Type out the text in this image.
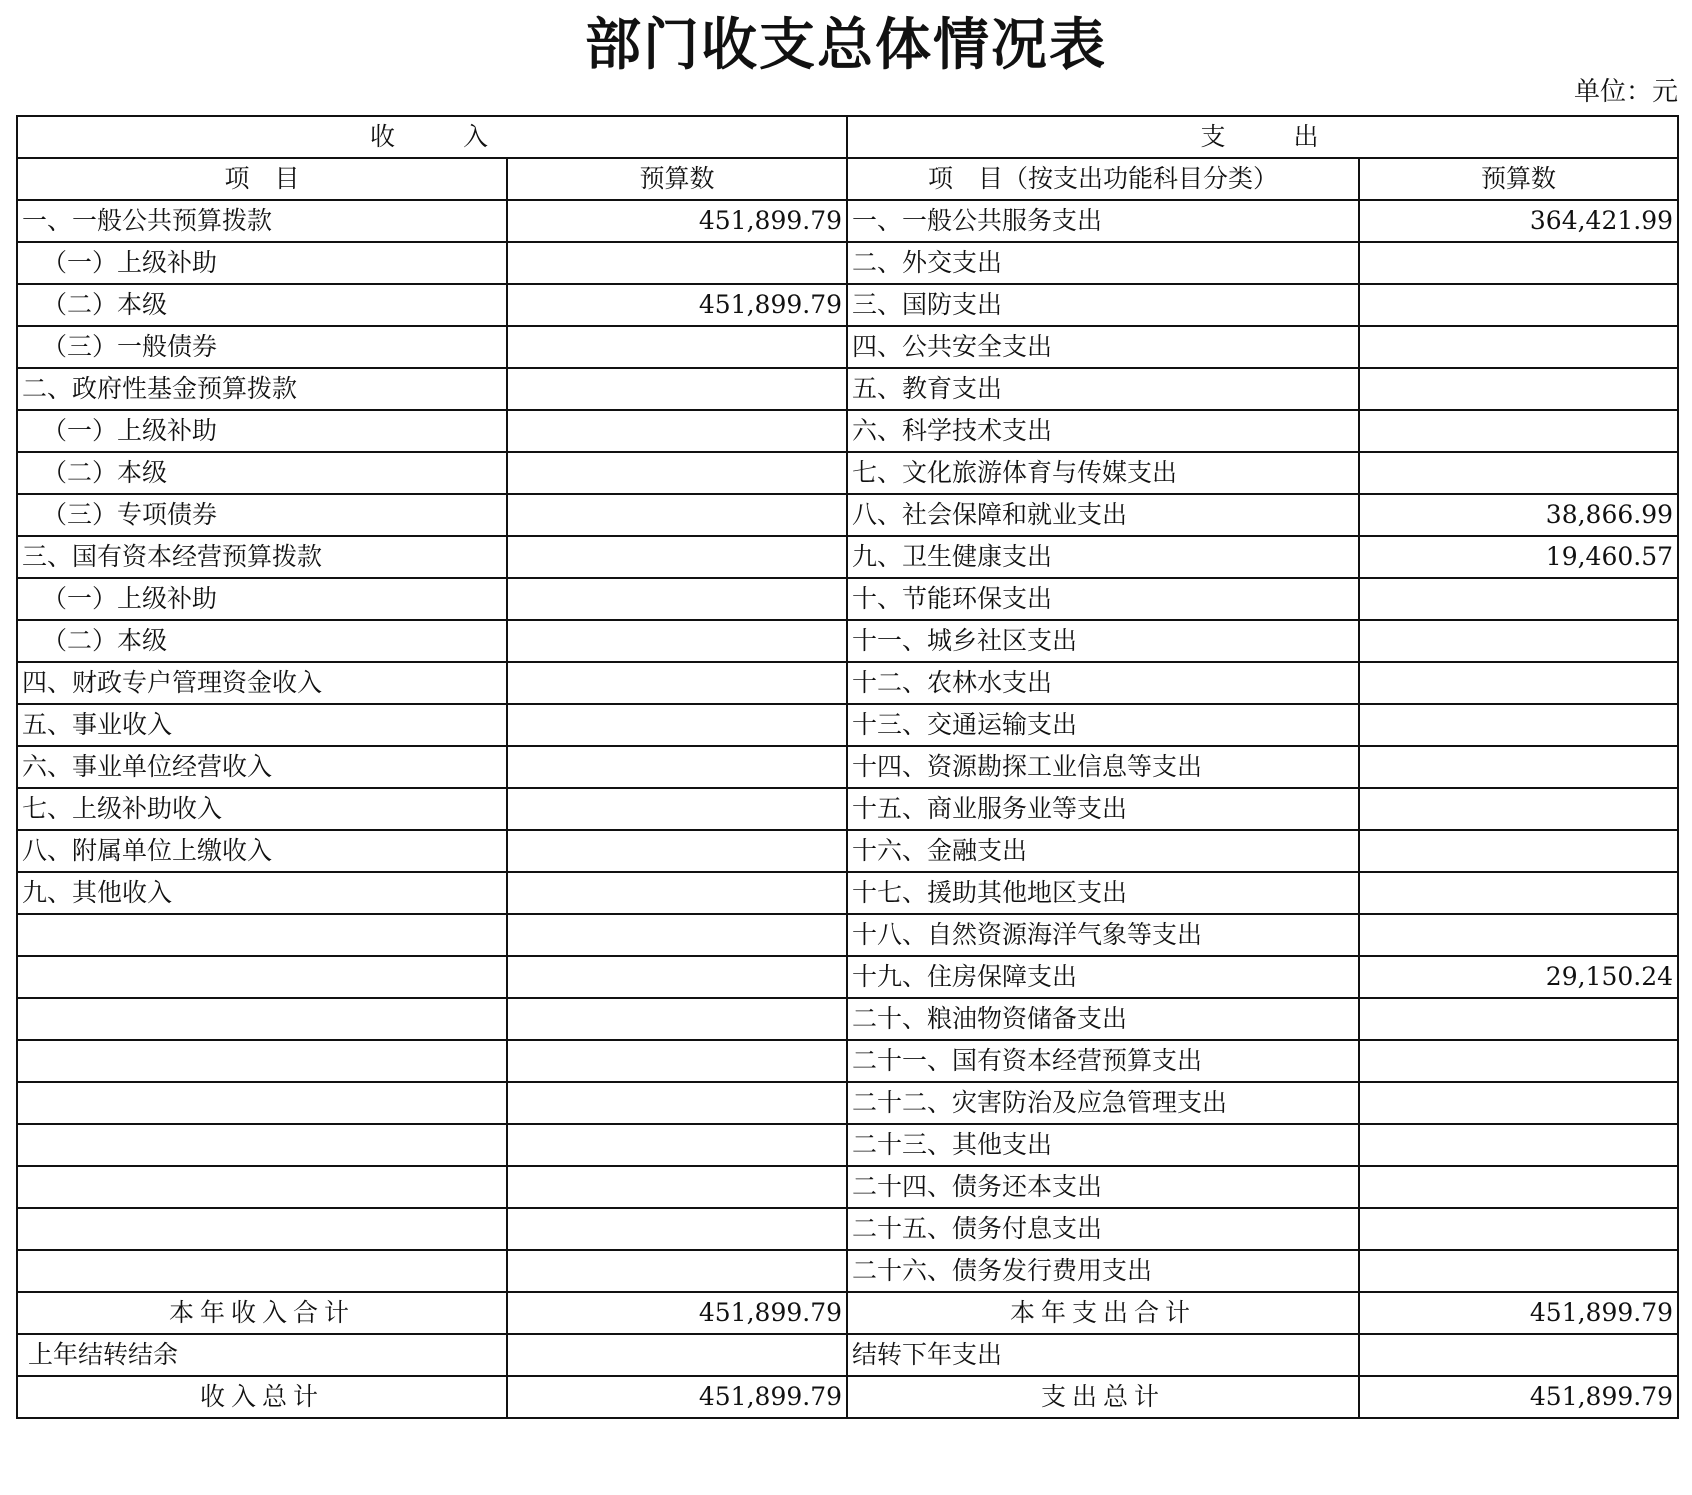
部门收支总体情况表
单位：元
收　　入		支　　出	
项　目	预算数	项　目（按支出功能科目分类）	预算数
一、一般公共预算拨款	451,899.79	一、一般公共服务支出	364,421.99
（一）上级补助		二、外交支出	
（二）本级	451,899.79	三、国防支出	
（三）一般债券		四、公共安全支出	
二、政府性基金预算拨款		五、教育支出	
（一）上级补助		六、科学技术支出	
（二）本级		七、文化旅游体育与传媒支出	
（三）专项债券		八、社会保障和就业支出	38,866.99
三、国有资本经营预算拨款		九、卫生健康支出	19,460.57
（一）上级补助		十、节能环保支出	
（二）本级		十一、城乡社区支出	
四、财政专户管理资金收入		十二、农林水支出	
五、事业收入		十三、交通运输支出	
六、事业单位经营收入		十四、资源勘探工业信息等支出	
七、上级补助收入		十五、商业服务业等支出	
八、附属单位上缴收入		十六、金融支出	
九、其他收入		十七、援助其他地区支出	
		十八、自然资源海洋气象等支出	
		十九、住房保障支出	29,150.24
		二十、粮油物资储备支出	
		二十一、国有资本经营预算支出	
		二十二、灾害防治及应急管理支出	
		二十三、其他支出	
		二十四、债务还本支出	
		二十五、债务付息支出	
		二十六、债务发行费用支出	
本年收入合计	451,899.79	本年支出合计	451,899.79
上年结转结余		结转下年支出	
收入总计	451,899.79	支出总计	451,899.79
